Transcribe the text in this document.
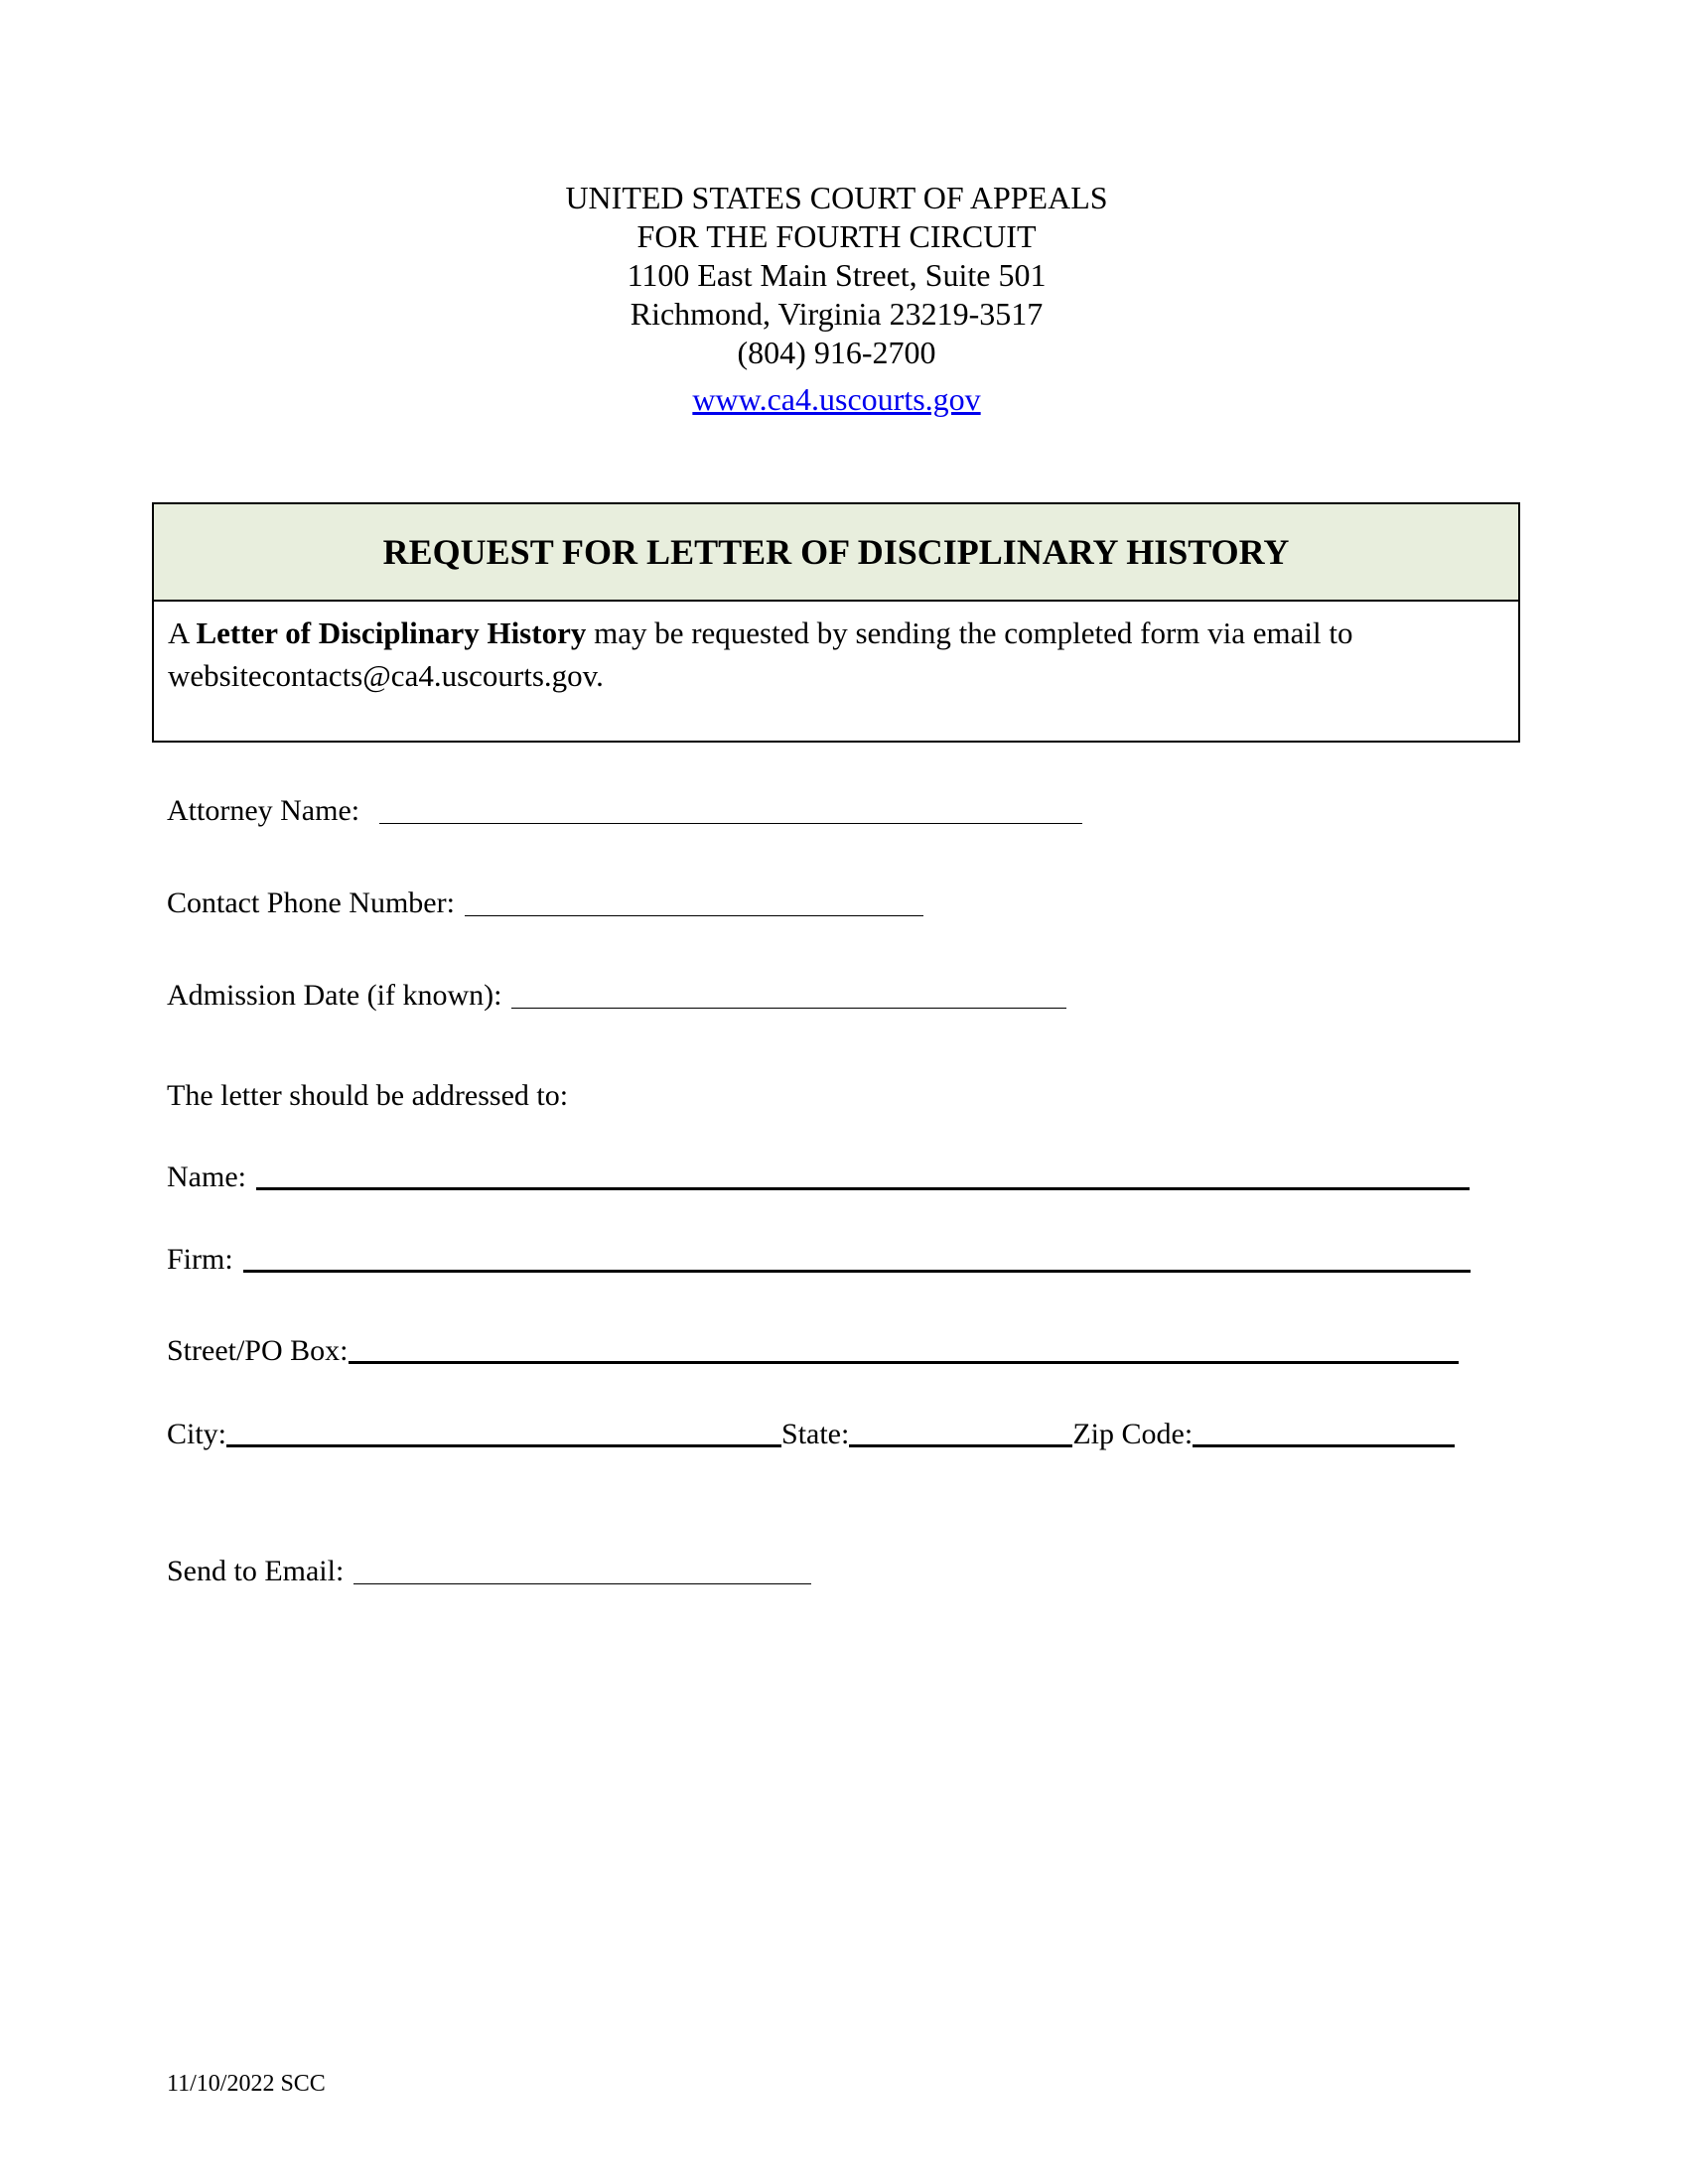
UNITED STATES COURT OF APPEALS
FOR THE FOURTH CIRCUIT
1100 East Main Street, Suite 501
Richmond, Virginia 23219-3517
(804) 916-2700
www.ca4.uscourts.gov
REQUEST FOR LETTER OF DISCIPLINARY HISTORY
A Letter of Disciplinary History may be requested by sending the completed form via email to
websitecontacts@ca4.uscourts.gov.
Attorney Name:
Contact Phone Number:
Admission Date (if known):
The letter should be addressed to:
Name:
Firm:
Street/PO Box:
City:	State:	Zip Code:
Send to Email:
11/10/2022 SCC
